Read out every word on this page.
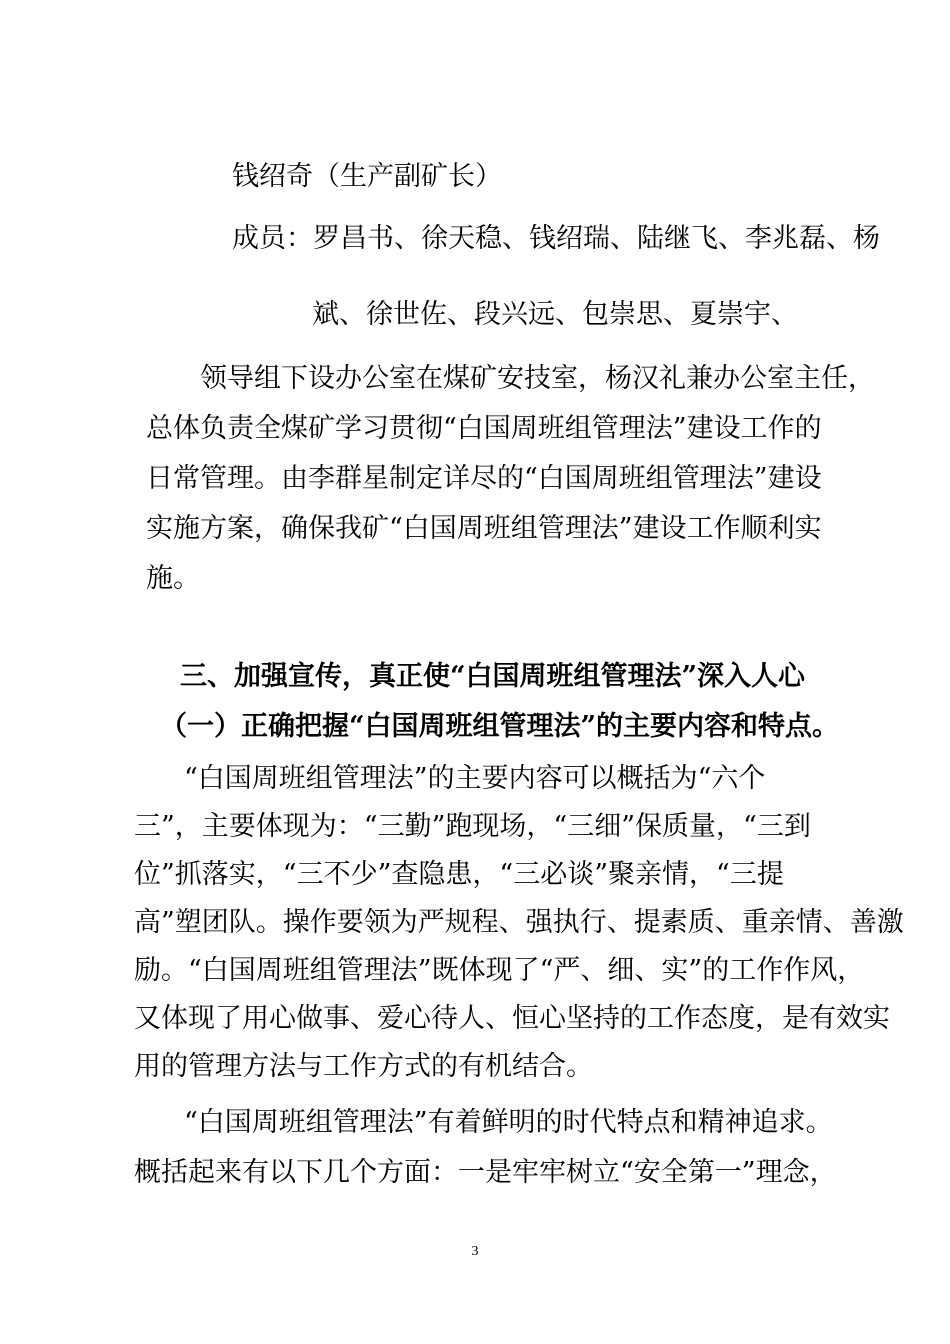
钱绍奇（生产副矿长）
成员：罗昌书、徐天稳、钱绍瑞、陆继飞、李兆磊、杨
斌、徐世佐、段兴远、包崇思、夏崇宇、
领导组下设办公室在煤矿安技室，杨汉礼兼办公室主任，
总体负责全煤矿学习贯彻“白国周班组管理法”建设工作的
日常管理。由李群星制定详尽的“白国周班组管理法”建设
实施方案，确保我矿“白国周班组管理法”建设工作顺利实
施。
三、加强宣传，真正使“白国周班组管理法”深入人心
（一）正确把握“白国周班组管理法”的主要内容和特点。
“白国周班组管理法”的主要内容可以概括为“六个
三”，主要体现为：“三勤”跑现场，“三细”保质量，“三到
位”抓落实，“三不少”查隐患，“三必谈”聚亲情，“三提
高”塑团队。操作要领为严规程、强执行、提素质、重亲情、善激
励。“白国周班组管理法”既体现了“严、细、实”的工作作风，
又体现了用心做事、爱心待人、恒心坚持的工作态度，是有效实
用的管理方法与工作方式的有机结合。
“白国周班组管理法”有着鲜明的时代特点和精神追求。
概括起来有以下几个方面：一是牢牢树立“安全第一”理念，
3
